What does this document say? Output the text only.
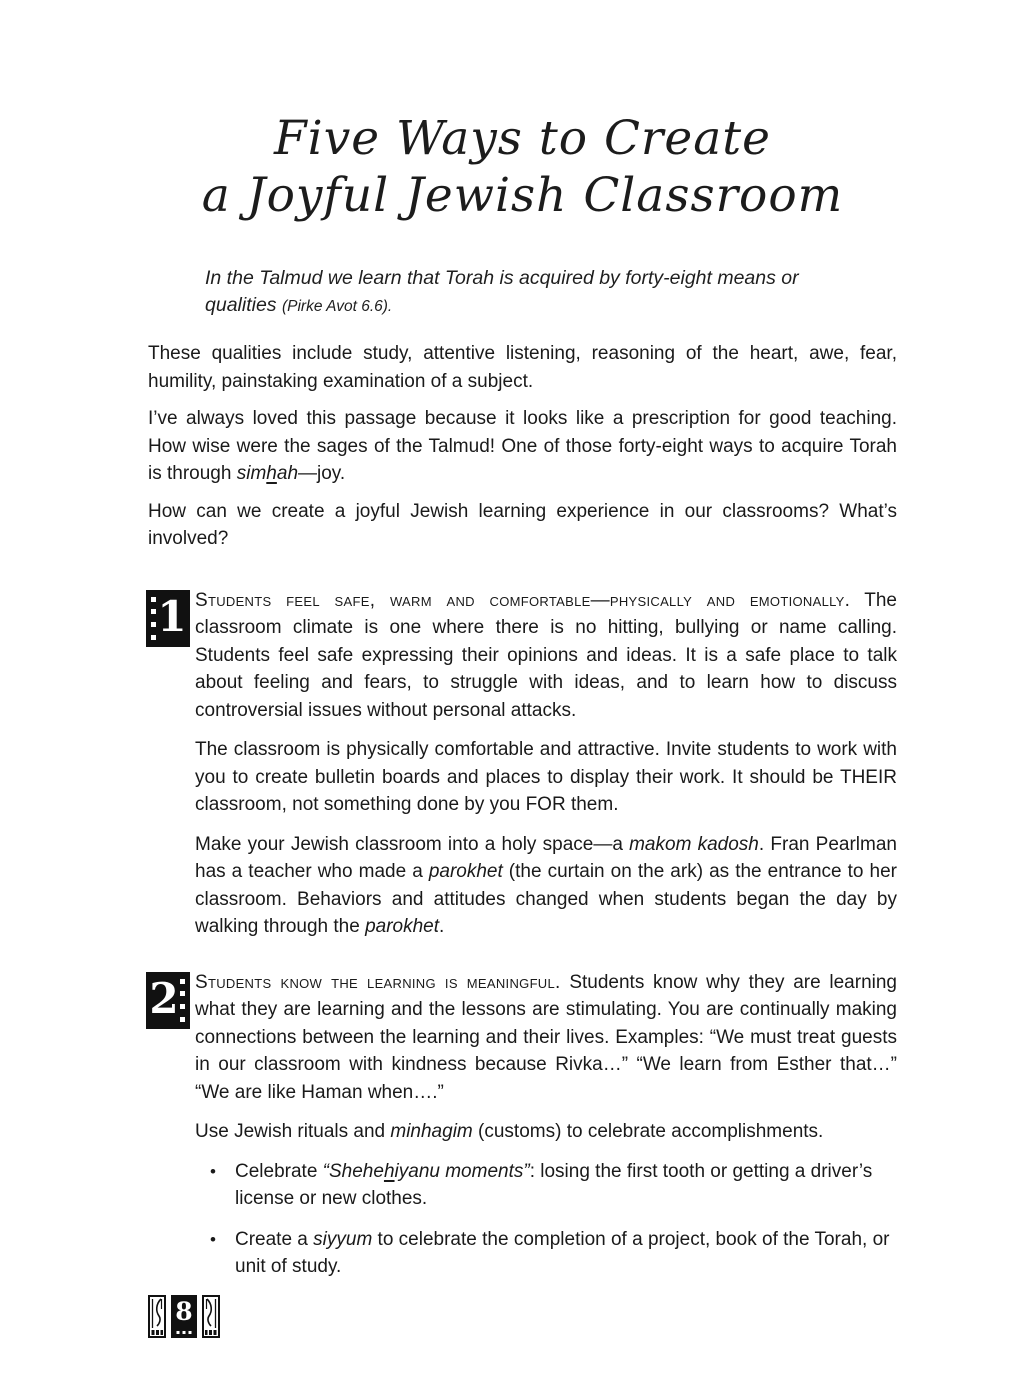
Five Ways to Create
a Joyful Jewish Classroom
In the Talmud we learn that Torah is acquired by forty-eight means or qualities (Pirke Avot 6.6).

These qualities include study, attentive listening, reasoning of the heart, awe, fear, humility, painstaking examination of a subject.

I’ve always loved this passage because it looks like a prescription for good teaching. How wise were the sages of the Talmud! One of those forty-eight ways to acquire Torah is through simhah—joy.

How can we create a joyful Jewish learning experience in our classrooms? What’s involved?

1 Students feel safe, warm and comfortable—physically and emotionally. The classroom climate is one where there is no hitting, bullying or name calling. Students feel safe expressing their opinions and ideas. It is a safe place to talk about feeling and fears, to struggle with ideas, and to learn how to discuss controversial issues without personal attacks.

The classroom is physically comfortable and attractive. Invite students to work with you to create bulletin boards and places to display their work. It should be THEIR classroom, not something done by you FOR them.

Make your Jewish classroom into a holy space—a makom kadosh. Fran Pearlman has a teacher who made a parokhet (the curtain on the ark) as the entrance to her classroom. Behaviors and attitudes changed when students began the day by walking through the parokhet.

2 Students know the learning is meaningful. Students know why they are learning what they are learning and the lessons are stimulating. You are continually making connections between the learning and their lives. Examples: “We must treat guests in our classroom with kindness because Rivka…” “We learn from Esther that…” “We are like Haman when….”

Use Jewish rituals and minhagim (customs) to celebrate accomplishments.

• Celebrate “Shehehiyanu moments”: losing the first tooth or getting a driver’s license or new clothes.
• Create a siyyum to celebrate the completion of a project, book of the Torah, or unit of study.
8
